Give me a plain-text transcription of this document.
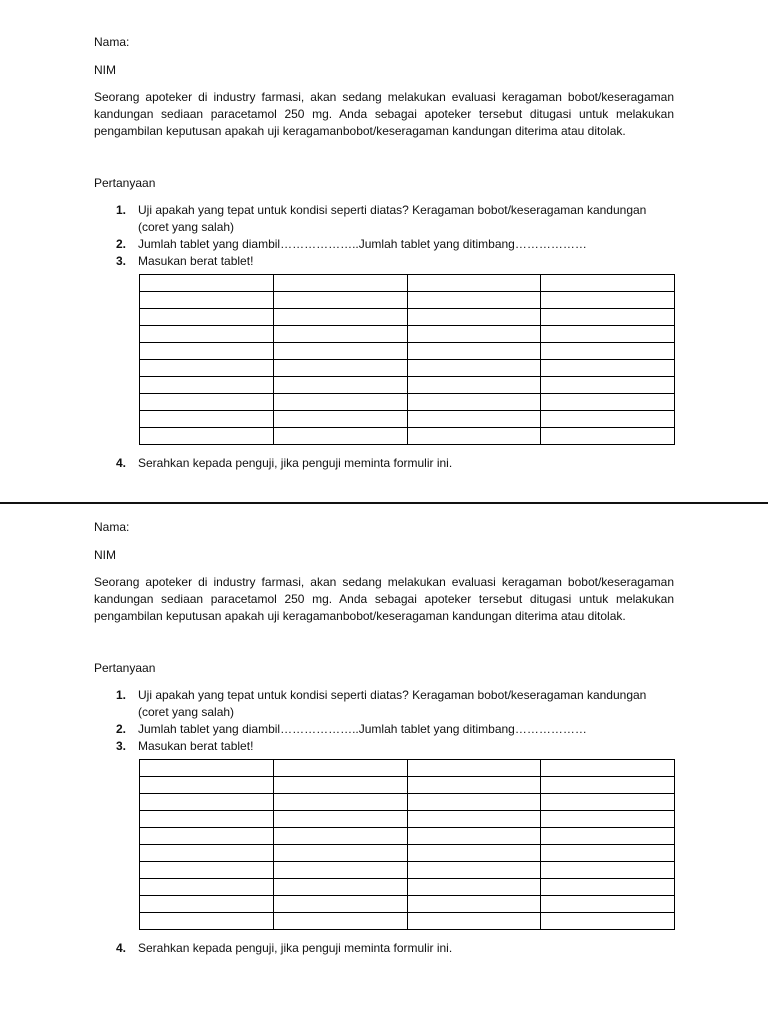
Nama:

NIM

Seorang apoteker di industry farmasi, akan sedang melakukan evaluasi keragaman bobot/keseragaman kandungan sediaan paracetamol 250 mg. Anda sebagai apoteker tersebut ditugasi untuk melakukan pengambilan keputusan apakah uji keragamanbobot/keseragaman kandungan diterima atau ditolak.

Pertanyaan

1. Uji apakah yang tepat untuk kondisi seperti diatas? Keragaman bobot/keseragaman kandungan (coret yang salah)
2. Jumlah tablet yang diambil………………..Jumlah tablet yang ditimbang………………
3. Masukan berat tablet!

4. Serahkan kepada penguji, jika penguji meminta formulir ini.

Nama:

NIM

Seorang apoteker di industry farmasi, akan sedang melakukan evaluasi keragaman bobot/keseragaman kandungan sediaan paracetamol 250 mg. Anda sebagai apoteker tersebut ditugasi untuk melakukan pengambilan keputusan apakah uji keragamanbobot/keseragaman kandungan diterima atau ditolak.

Pertanyaan

1. Uji apakah yang tepat untuk kondisi seperti diatas? Keragaman bobot/keseragaman kandungan (coret yang salah)
2. Jumlah tablet yang diambil………………..Jumlah tablet yang ditimbang………………
3. Masukan berat tablet!

4. Serahkan kepada penguji, jika penguji meminta formulir ini.
